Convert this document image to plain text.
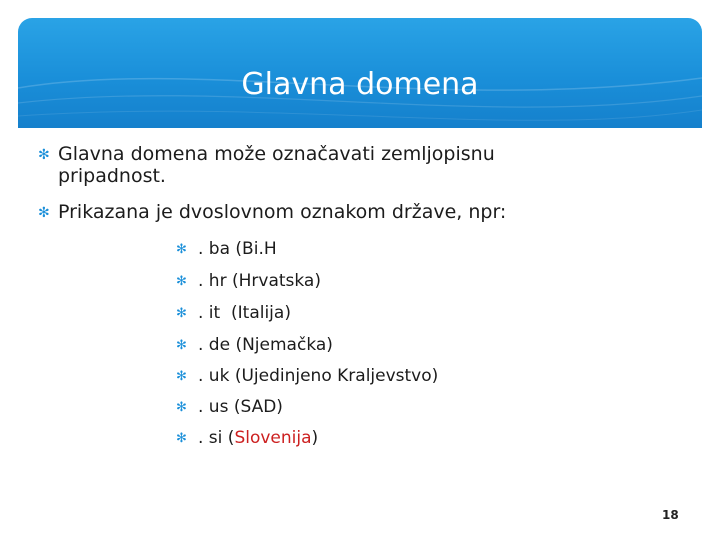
Glavna domena
✻ Glavna domena može označavati zemljopisnu
pripadnost.
✻ Prikazana je dvoslovnom oznakom države, npr:
✻ . ba (Bi.H
✻ . hr (Hrvatska)
✻ . it  (Italija)
✻ . de (Njemačka)
✻ . uk (Ujedinjeno Kraljevstvo)
✻ . us (SAD)
✻ . si (Slovenija)
18
